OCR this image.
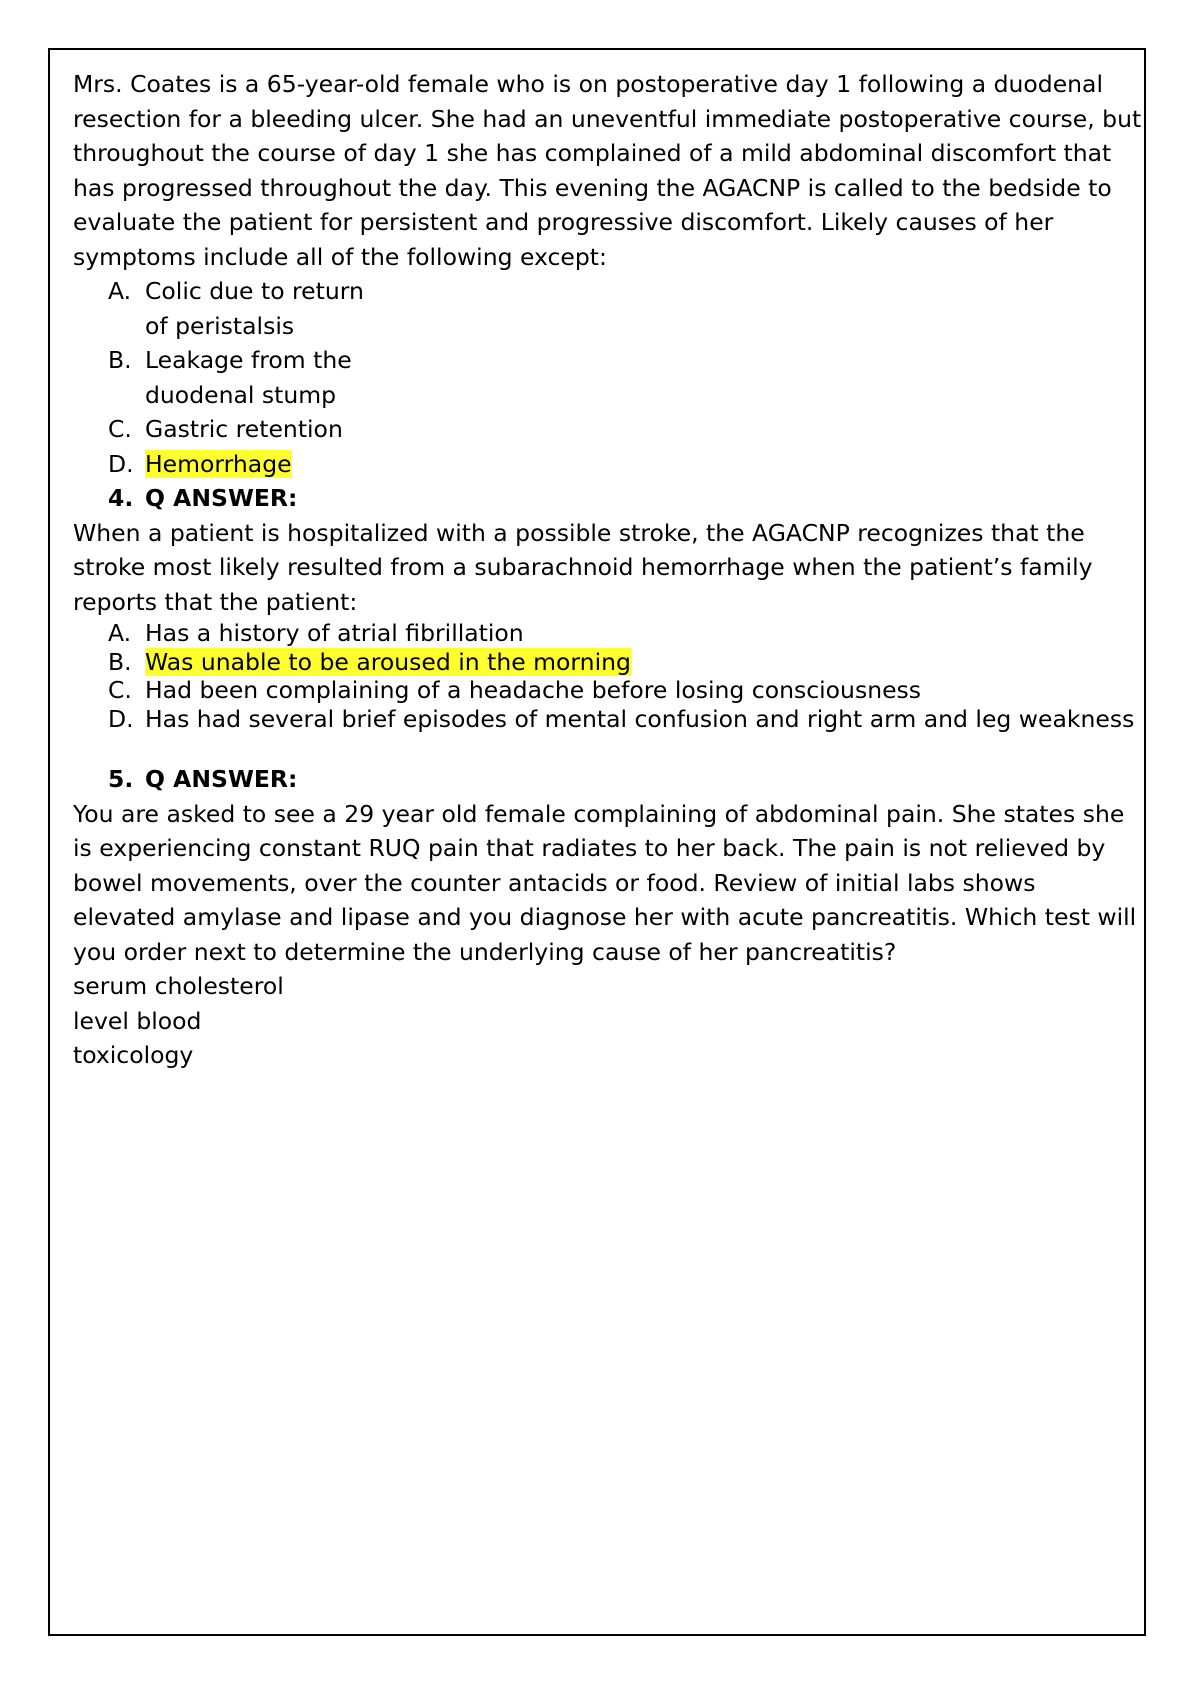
Mrs. Coates is a 65-year-old female who is on postoperative day 1 following a duodenal resection for a bleeding ulcer. She had an uneventful immediate postoperative course, but throughout the course of day 1 she has complained of a mild abdominal discomfort that has progressed throughout the day. This evening the AGACNP is called to the bedside to evaluate the patient for persistent and progressive discomfort. Likely causes of her symptoms include all of the following except:

A. Colic due to return of peristalsis
B. Leakage from the duodenal stump
C. Gastric retention
D. Hemorrhage
4. Q ANSWER:

When a patient is hospitalized with a possible stroke, the AGACNP recognizes that the stroke most likely resulted from a subarachnoid hemorrhage when the patient’s family reports that the patient:

A. Has a history of atrial fibrillation
B. Was unable to be aroused in the morning
C. Had been complaining of a headache before losing consciousness
D. Has had several brief episodes of mental confusion and right arm and leg weakness
5. Q ANSWER:

You are asked to see a 29 year old female complaining of abdominal pain. She states she is experiencing constant RUQ pain that radiates to her back. The pain is not relieved by bowel movements, over the counter antacids or food. Review of initial labs shows elevated amylase and lipase and you diagnose her with acute pancreatitis. Which test will you order next to determine the underlying cause of her pancreatitis?

serum cholesterol

level blood

toxicology
